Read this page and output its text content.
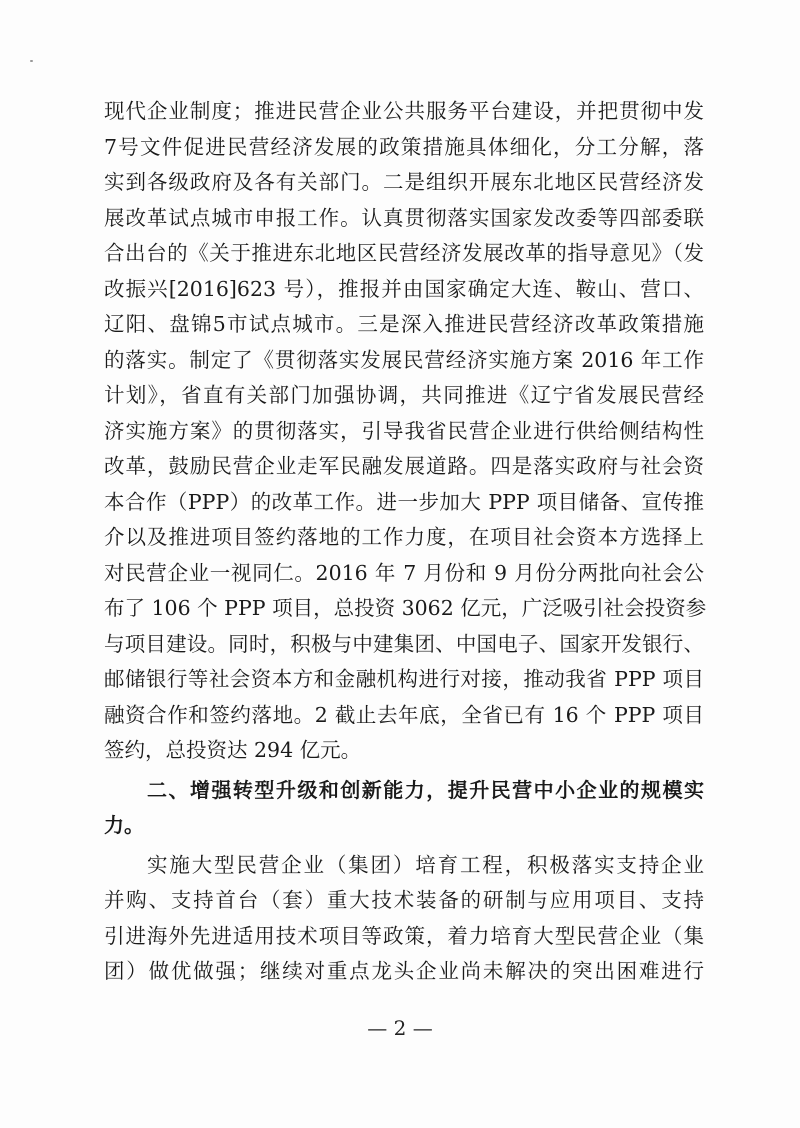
现代企业制度；推进民营企业公共服务平台建设，并把贯彻中发
7号文件促进民营经济发展的政策措施具体细化，分工分解，落
实到各级政府及各有关部门。二是组织开展东北地区民营经济发
展改革试点城市申报工作。认真贯彻落实国家发改委等四部委联
合出台的《关于推进东北地区民营经济发展改革的指导意见》（发
改振兴[2016]623 号），推报并由国家确定大连、鞍山、营口、
辽阳、盘锦5市试点城市。三是深入推进民营经济改革政策措施
的落实。制定了《贯彻落实发展民营经济实施方案 2016 年工作
计划》，省直有关部门加强协调，共同推进《辽宁省发展民营经
济实施方案》的贯彻落实，引导我省民营企业进行供给侧结构性
改革，鼓励民营企业走军民融发展道路。四是落实政府与社会资
本合作（PPP）的改革工作。进一步加大 PPP 项目储备、宣传推
介以及推进项目签约落地的工作力度，在项目社会资本方选择上
对民营企业一视同仁。2016 年 7 月份和 9 月份分两批向社会公
布了 106 个 PPP 项目，总投资 3062 亿元，广泛吸引社会投资参
与项目建设。同时，积极与中建集团、中国电子、国家开发银行、
邮储银行等社会资本方和金融机构进行对接，推动我省 PPP 项目
融资合作和签约落地。2 截止去年底，全省已有 16 个 PPP 项目
签约，总投资达 294 亿元。
二、增强转型升级和创新能力，提升民营中小企业的规模实
力。
实施大型民营企业（集团）培育工程，积极落实支持企业
并购、支持首台（套）重大技术装备的研制与应用项目、支持
引进海外先进适用技术项目等政策，着力培育大型民营企业（集
团）做优做强；继续对重点龙头企业尚未解决的突出困难进行
— 2 —
